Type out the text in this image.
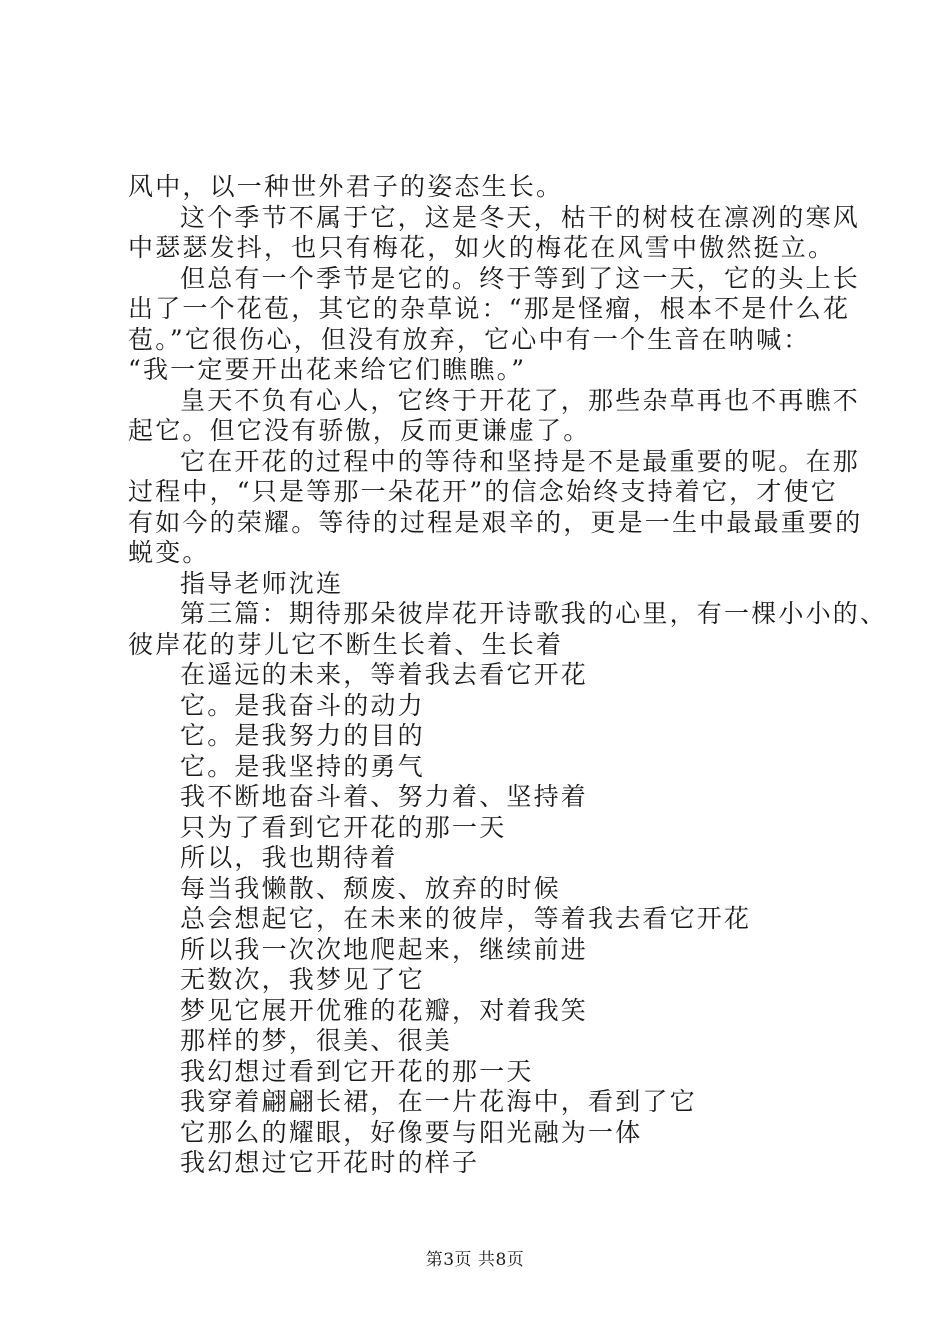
风中，以一种世外君子的姿态生长。
这个季节不属于它，这是冬天，枯干的树枝在凛冽的寒风
中瑟瑟发抖，也只有梅花，如火的梅花在风雪中傲然挺立。
但总有一个季节是它的。终于等到了这一天，它的头上长
出了一个花苞，其它的杂草说：“那是怪瘤，根本不是什么花
苞。”它很伤心，但没有放弃，它心中有一个生音在呐喊：
“我一定要开出花来给它们瞧瞧。”
皇天不负有心人，它终于开花了，那些杂草再也不再瞧不
起它。但它没有骄傲，反而更谦虚了。
它在开花的过程中的等待和坚持是不是最重要的呢。在那
过程中，“只是等那一朵花开”的信念始终支持着它，才使它
有如今的荣耀。等待的过程是艰辛的，更是一生中最最重要的
蜕变。
指导老师沈连
第三篇：期待那朵彼岸花开诗歌我的心里，有一棵小小的、
彼岸花的芽儿它不断生长着、生长着
在遥远的未来，等着我去看它开花
它。是我奋斗的动力
它。是我努力的目的
它。是我坚持的勇气
我不断地奋斗着、努力着、坚持着
只为了看到它开花的那一天
所以，我也期待着
每当我懒散、颓废、放弃的时候
总会想起它，在未来的彼岸，等着我去看它开花
所以我一次次地爬起来，继续前进
无数次，我梦见了它
梦见它展开优雅的花瓣，对着我笑
那样的梦，很美、很美
我幻想过看到它开花的那一天
我穿着翩翩长裙，在一片花海中，看到了它
它那么的耀眼，好像要与阳光融为一体
我幻想过它开花时的样子
第3页 共8页
